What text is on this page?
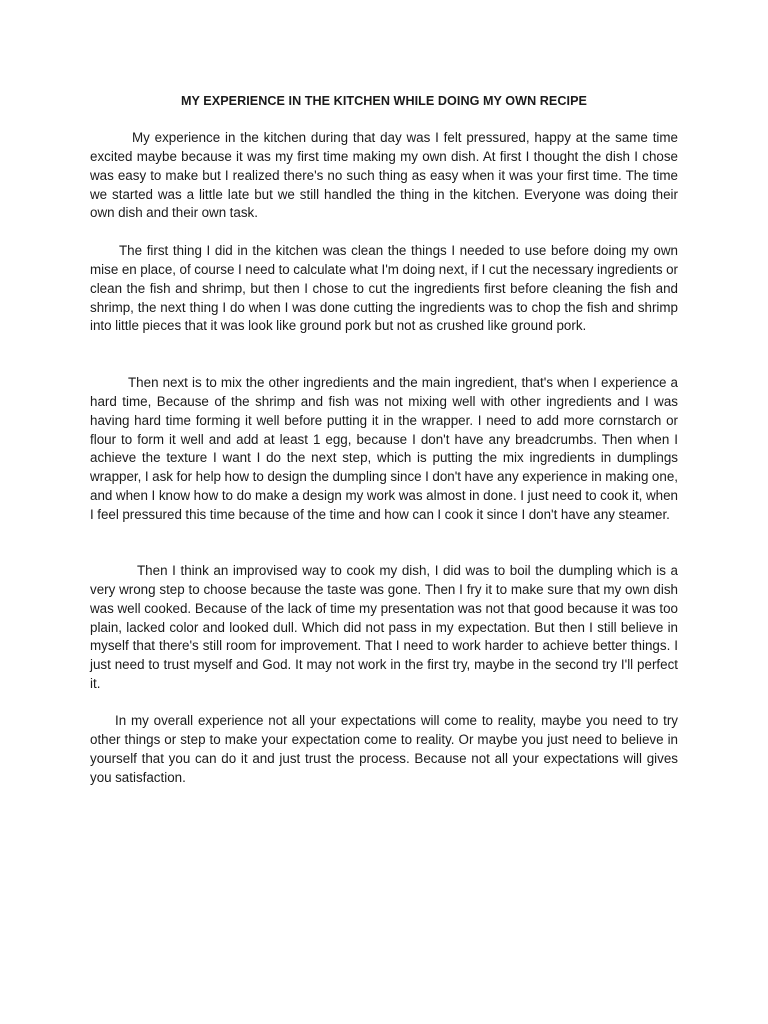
MY EXPERIENCE IN THE KITCHEN WHILE DOING MY OWN RECIPE

My experience in the kitchen during that day was I felt pressured, happy at the same time excited maybe because it was my first time making my own dish. At first I thought the dish I chose was easy to make but I realized there's no such thing as easy when it was your first time. The time we started was a little late but we still handled the thing in the kitchen. Everyone was doing their own dish and their own task.

The first thing I did in the kitchen was clean the things I needed to use before doing my own mise en place, of course I need to calculate what I'm doing next, if I cut the necessary ingredients or clean the fish and shrimp, but then I chose to cut the ingredients first before cleaning the fish and shrimp, the next thing I do when I was done cutting the ingredients was to chop the fish and shrimp into little pieces that it was look like ground pork but not as crushed like ground pork.

Then next is to mix the other ingredients and the main ingredient, that's when I experience a hard time, Because of the shrimp and fish was not mixing well with other ingredients and I was having hard time forming it well before putting it in the wrapper. I need to add more cornstarch or flour to form it well and add at least 1 egg, because I don't have any breadcrumbs. Then when I achieve the texture I want I do the next step, which is putting the mix ingredients in dumplings wrapper, I ask for help how to design the dumpling since I don't have any experience in making one, and when I know how to do make a design my work was almost in done. I just need to cook it, when I feel pressured this time because of the time and how can I cook it since I don't have any steamer.

Then I think an improvised way to cook my dish, I did was to boil the dumpling which is a very wrong step to choose because the taste was gone. Then I fry it to make sure that my own dish was well cooked. Because of the lack of time my presentation was not that good because it was too plain, lacked color and looked dull. Which did not pass in my expectation. But then I still believe in myself that there's still room for improvement. That I need to work harder to achieve better things. I just need to trust myself and God. It may not work in the first try, maybe in the second try I'll perfect it.

In my overall experience not all your expectations will come to reality, maybe you need to try other things or step to make your expectation come to reality. Or maybe you just need to believe in yourself that you can do it and just trust the process. Because not all your expectations will gives you satisfaction.
